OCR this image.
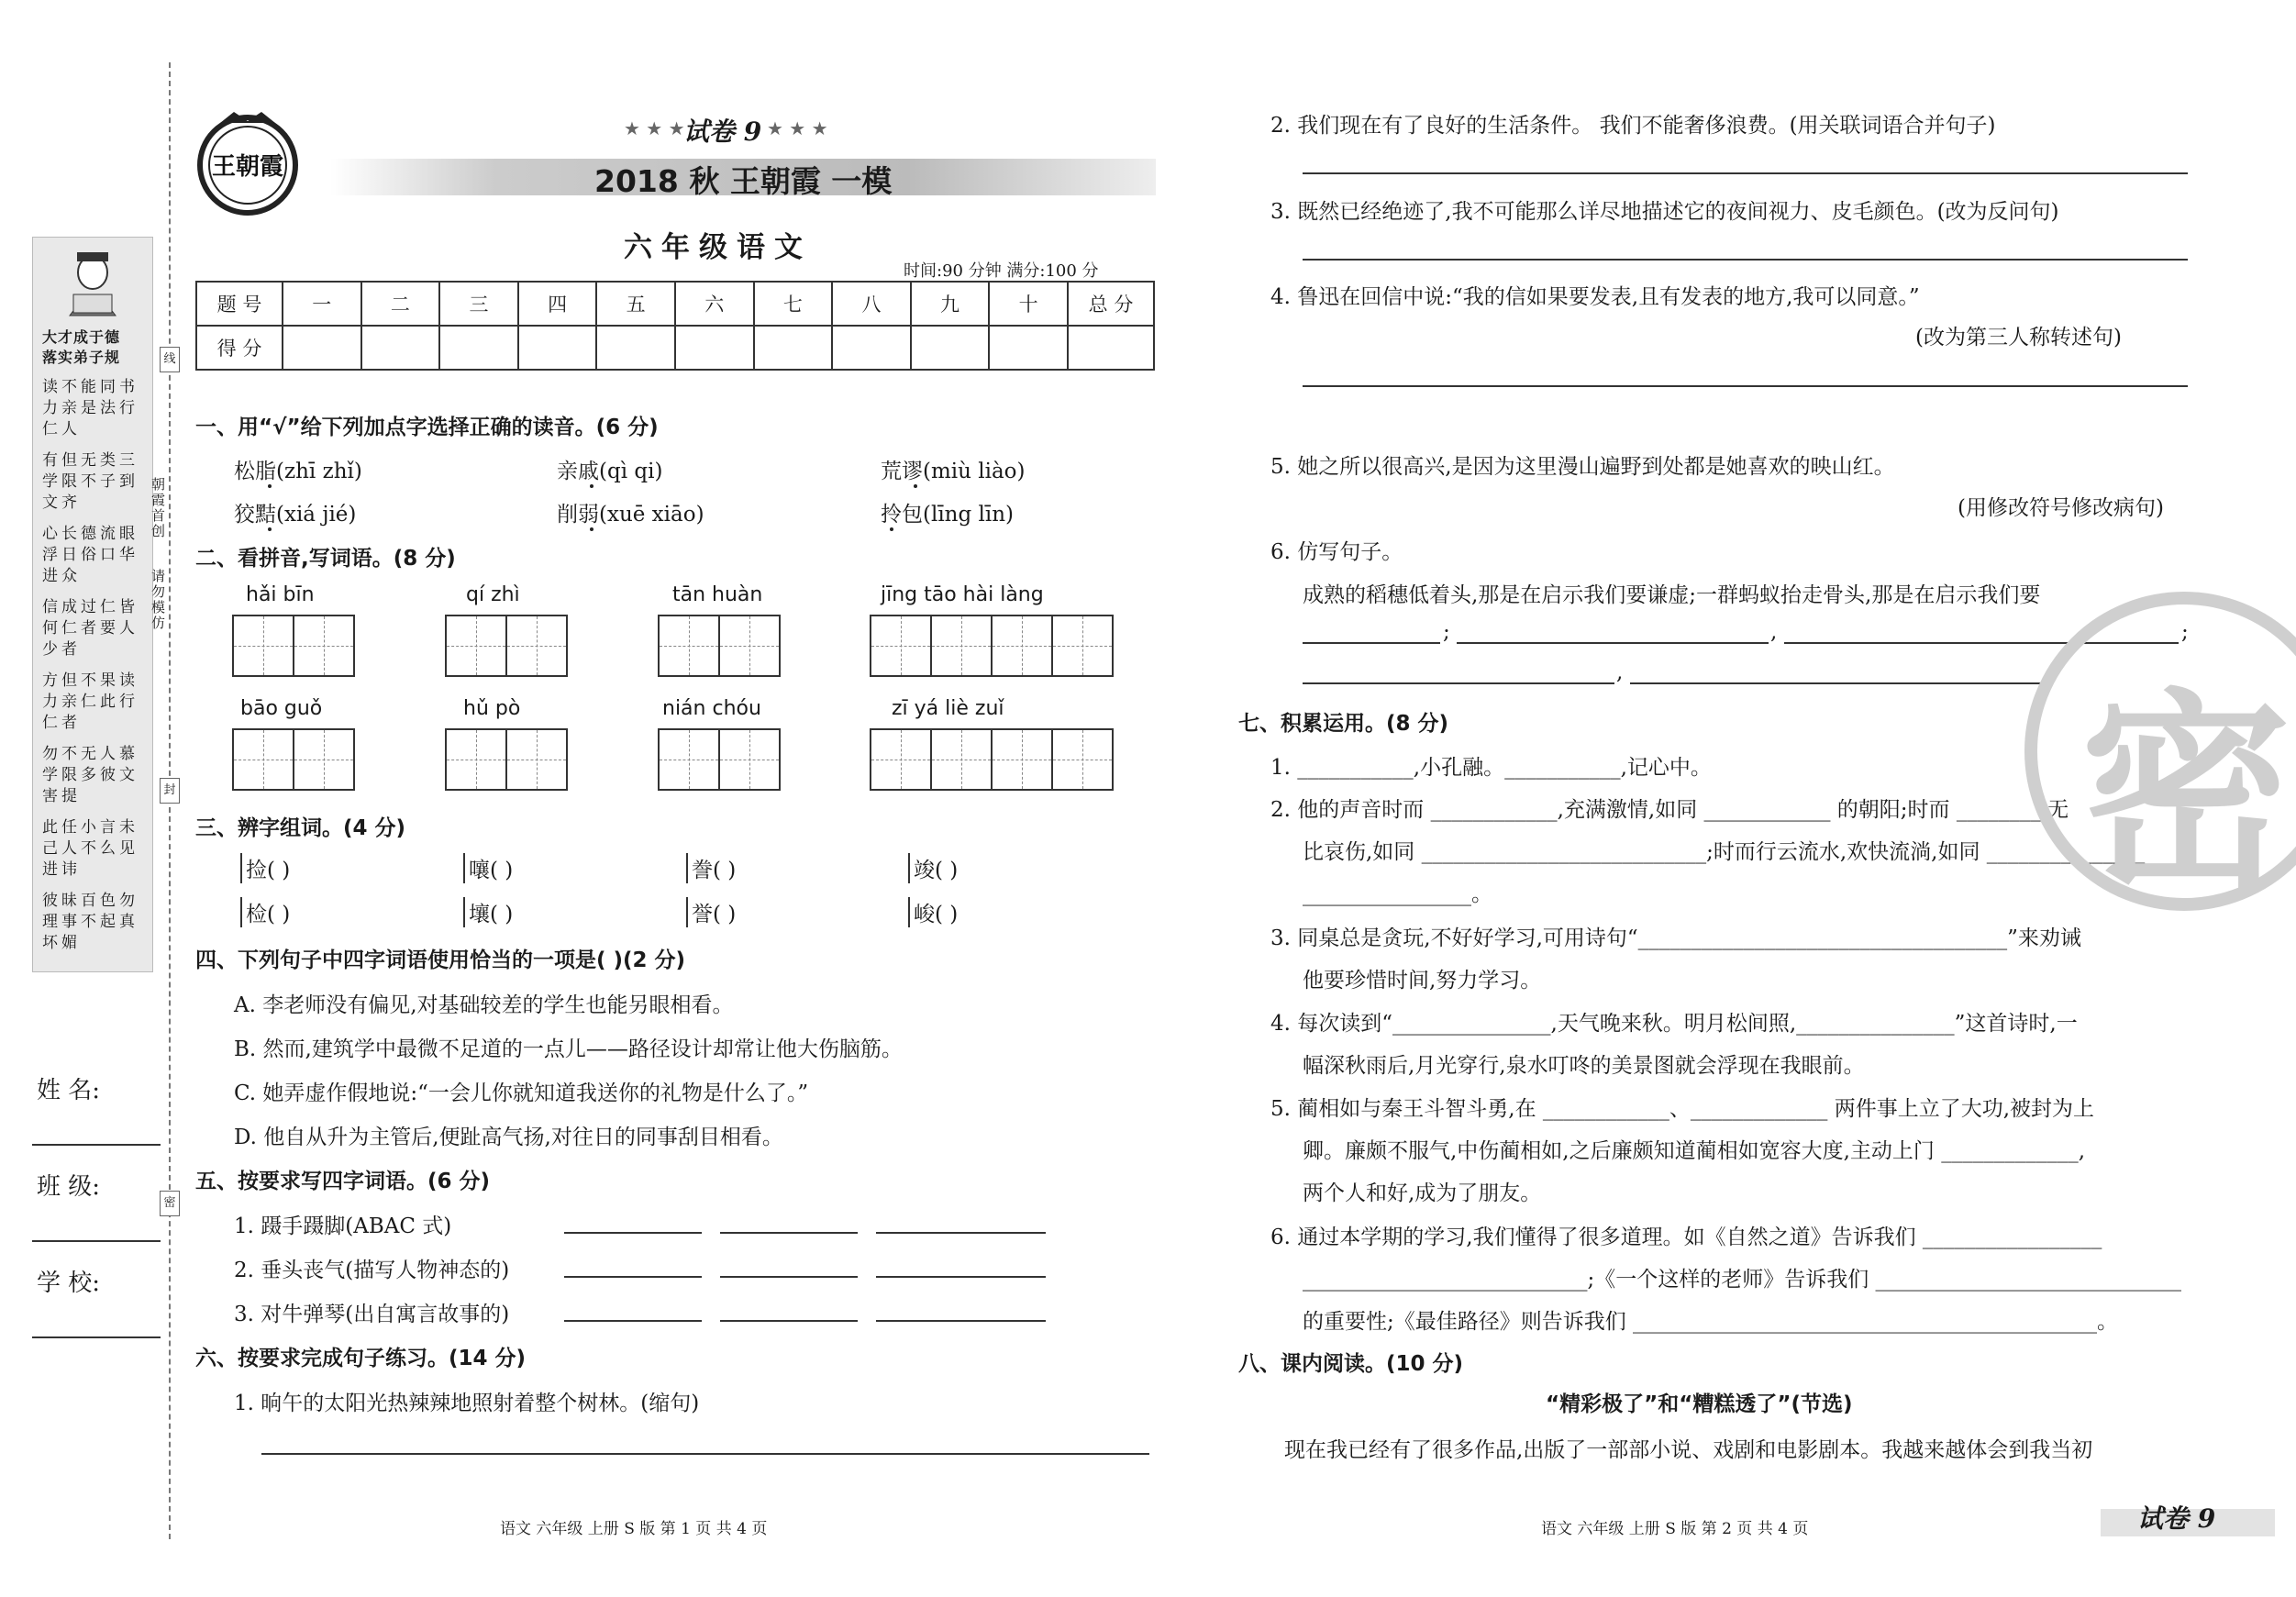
大才成于德
落实弟子规
读不能同书力亲是法行仁人
有但无类三学限不子到文齐
心长德流眼浮日俗口华进众
信成过仁皆何仁者要人少者
方但不果读力亲仁此行仁者
勿不无人慕学限多彼文害提
此任小言未己人不么见进讳
彼昧百色勿理事不起真坏媚
朝霞首创
请勿模仿
线
封
密
姓 名:
班 级:
学 校:
王朝霞
★ ★ ★
试卷 9 ★ ★ ★
2018 秋 王朝霞 一模
六年级语文
时间:90 分钟 满分:100 分
题 号	一	二	三	四	五	六	七	八	九	十	总 分
得 分											
一、用“√”给下列加点字选择正确的读音。(6 分)
松脂(zhī zhǐ)	亲戚(qì qi)	荒谬(miù liào)
狡黠(xiá jié)	削弱(xuē xiāo)	拎包(līng līn)
二、看拼音,写词语。(8 分)
hǎi bīn	qí zhì	tān huàn	jīng tāo hài làng
bāo guǒ	hǔ pò	nián chóu	zī yá liè zuǐ
三、辨字组词。(4 分)
捡( )	嚷( )	誊( )	竣( )
检( )	壤( )	誉( )	峻( )
四、下列句子中四字词语使用恰当的一项是( )(2 分)
A. 李老师没有偏见,对基础较差的学生也能另眼相看。
B. 然而,建筑学中最微不足道的一点儿——路径设计却常让他大伤脑筋。
C. 她弄虚作假地说:“一会儿你就知道我送你的礼物是什么了。”
D. 他自从升为主管后,便趾高气扬,对往日的同事刮目相看。
五、按要求写四字词语。(6 分)
1. 蹑手蹑脚(ABAC 式)
2. 垂头丧气(描写人物神态的)
3. 对牛弹琴(出自寓言故事的)
六、按要求完成句子练习。(14 分)
1. 晌午的太阳光热辣辣地照射着整个树林。(缩句)
语文 六年级 上册 S 版 第 1 页 共 4 页
2. 我们现在有了良好的生活条件。 我们不能奢侈浪费。(用关联词语合并句子)
3. 既然已经绝迹了,我不可能那么详尽地描述它的夜间视力、皮毛颜色。(改为反问句)
4. 鲁迅在回信中说:“我的信如果要发表,且有发表的地方,我可以同意。”
(改为第三人称转述句)
5. 她之所以很高兴,是因为这里漫山遍野到处都是她喜欢的映山红。
(用修改符号修改病句)
6. 仿写句子。
成熟的稻穗低着头,那是在启示我们要谦虚;一群蚂蚁抬走骨头,那是在启示我们要
;	,	;
,	。
七、积累运用。(8 分)
1. ___________,小孔融。___________,记心中。
2. 他的声音时而 ____________,充满激情,如同 ____________ 的朝阳;时而 ________,无
比哀伤,如同 ___________________________;时而行云流水,欢快流淌,如同 _______________
________________。
3. 同桌总是贪玩,不好好学习,可用诗句“___________________________________”来劝诫
他要珍惜时间,努力学习。
4. 每次读到“_______________,天气晚来秋。明月松间照,_______________”这首诗时,一
幅深秋雨后,月光穿行,泉水叮咚的美景图就会浮现在我眼前。
5. 蔺相如与秦王斗智斗勇,在 ____________、_____________ 两件事上立了大功,被封为上
卿。廉颇不服气,中伤蔺相如,之后廉颇知道蔺相如宽容大度,主动上门 _____________,
两个人和好,成为了朋友。
6. 通过本学期的学习,我们懂得了很多道理。如《自然之道》告诉我们 _________________
___________________________;《一个这样的老师》告诉我们 _____________________________
的重要性;《最佳路径》则告诉我们 ____________________________________________。
八、课内阅读。(10 分)
“精彩极了”和“糟糕透了”(节选)
现在我已经有了很多作品,出版了一部部小说、戏剧和电影剧本。我越来越体会到我当初
语文 六年级 上册 S 版 第 2 页 共 4 页	试卷 9
密
